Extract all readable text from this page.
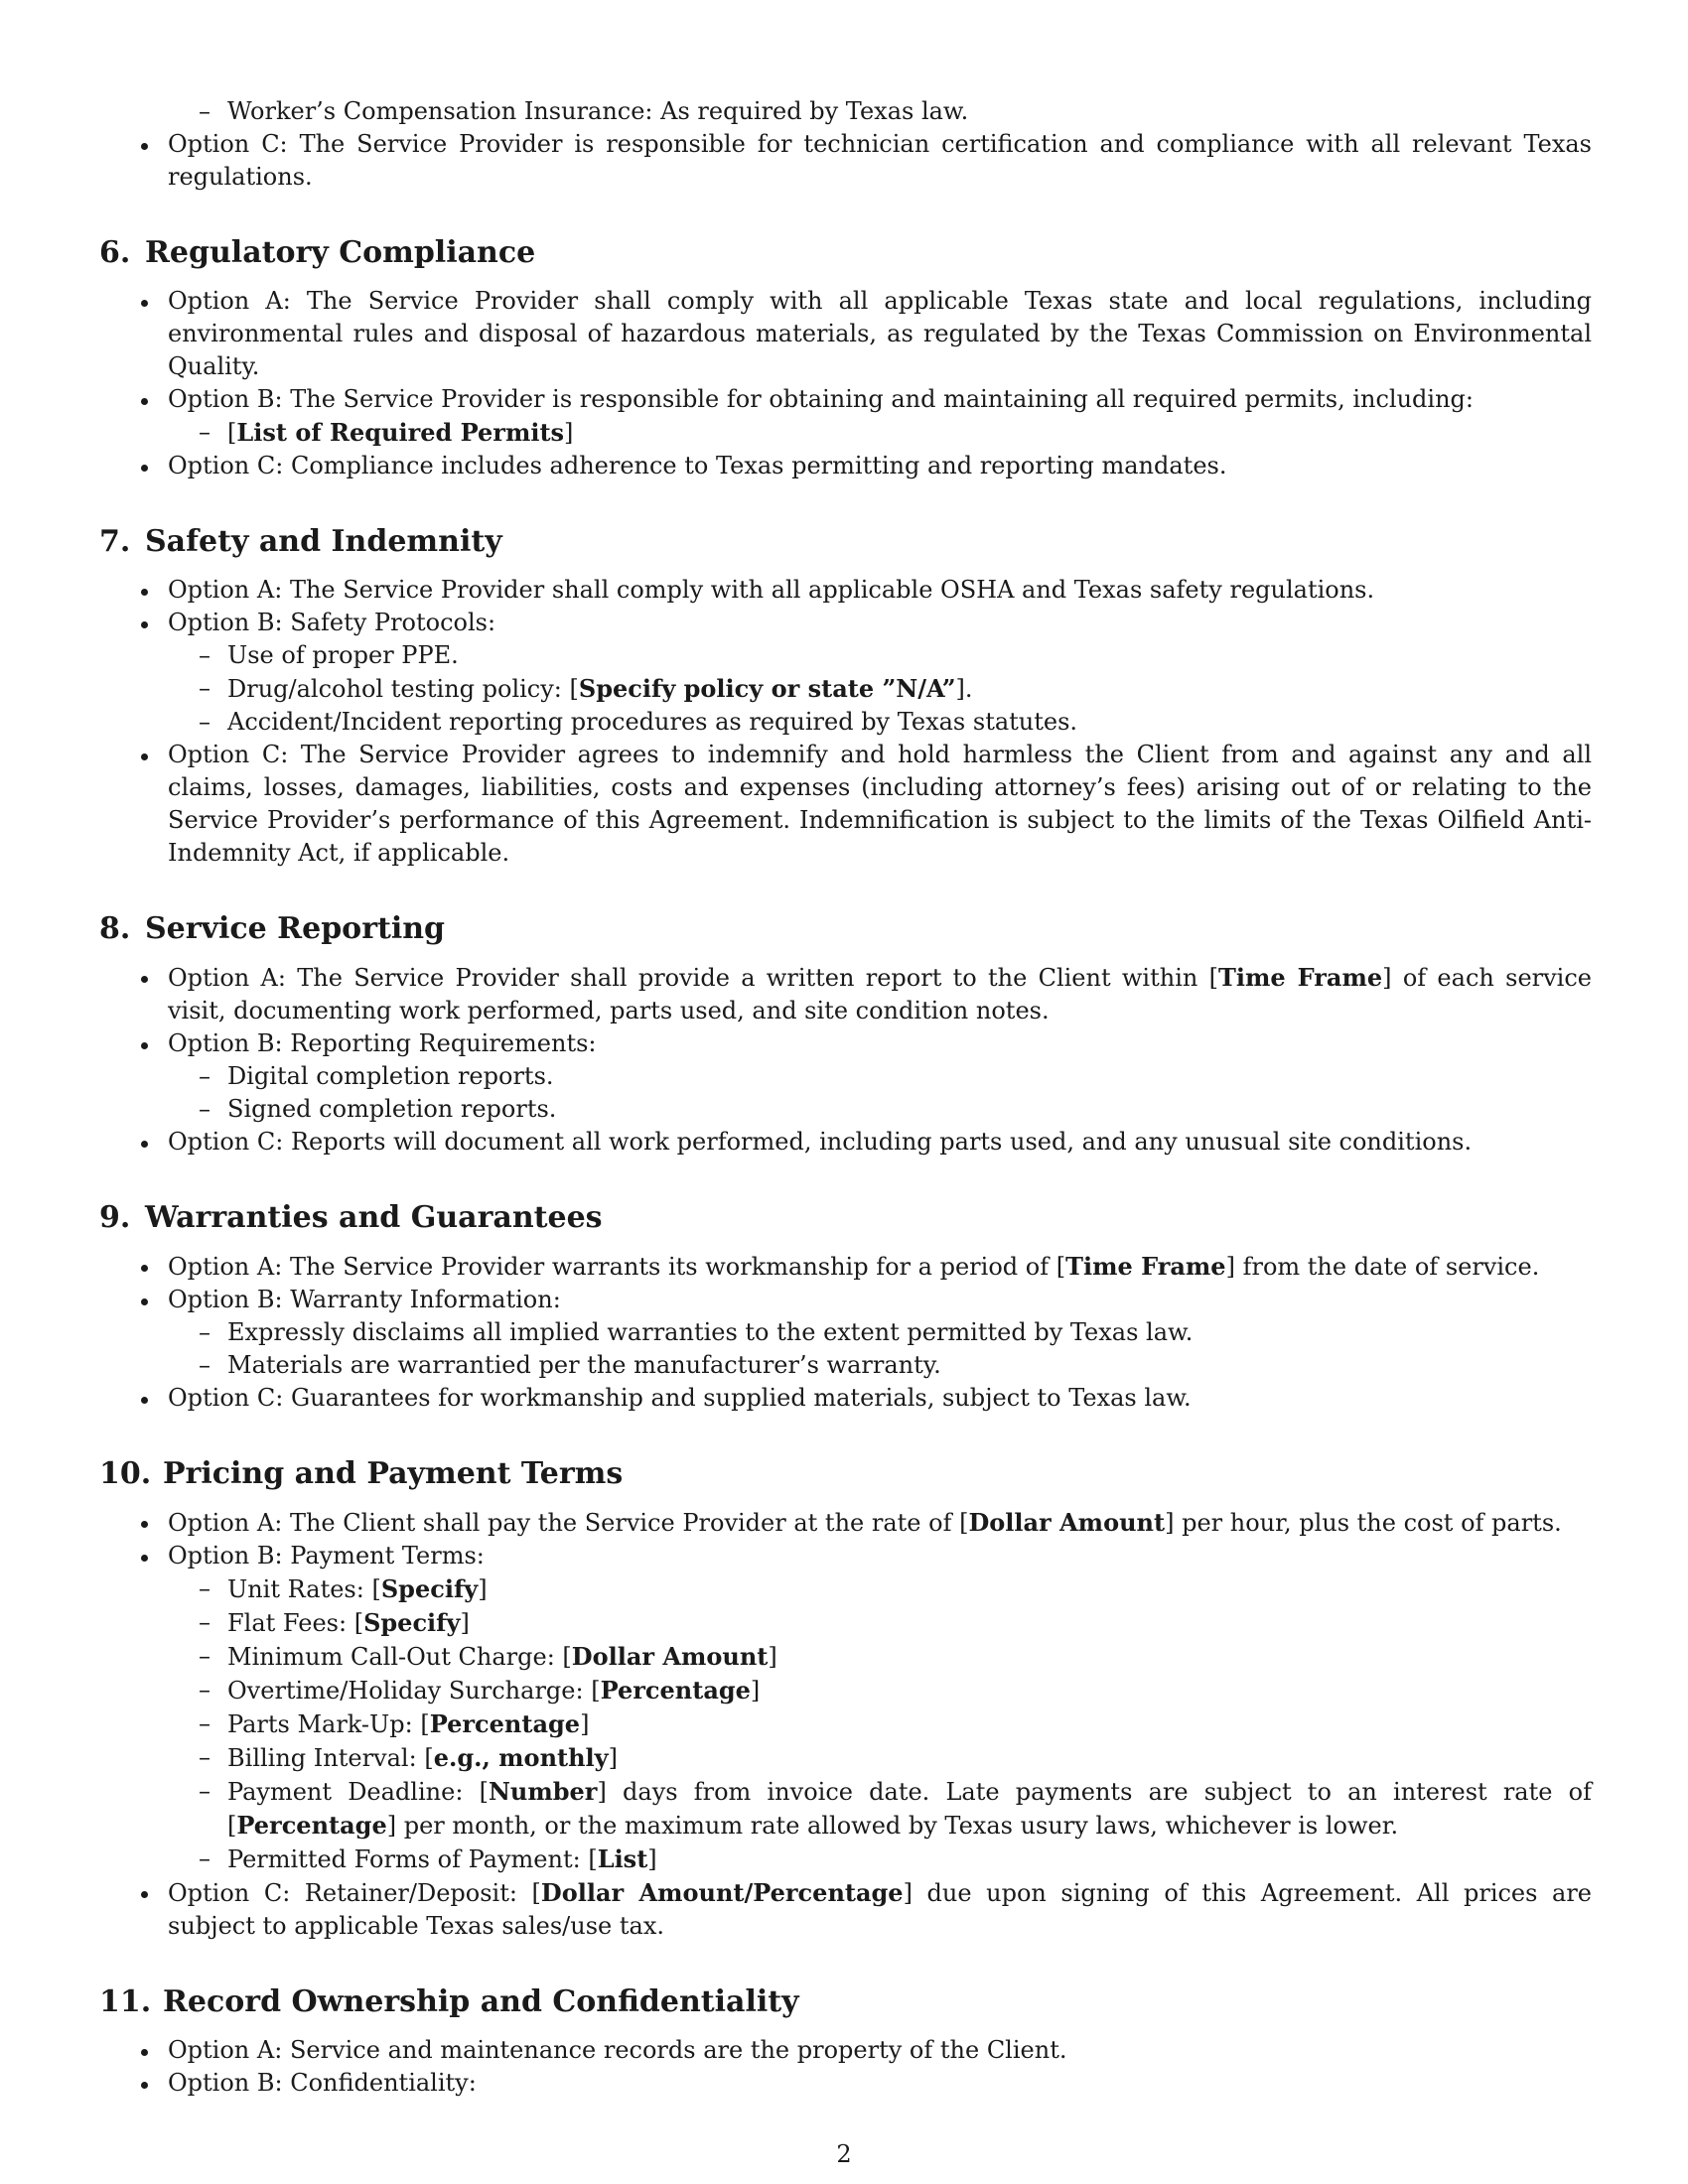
– Worker’s Compensation Insurance: As required by Texas law.
Option C: The Service Provider is responsible for technician certification and compliance with all relevant Texas regulations.
6. Regulatory Compliance
Option A: The Service Provider shall comply with all applicable Texas state and local regulations, including environmental rules and disposal of hazardous materials, as regulated by the Texas Commission on Environmental Quality.
Option B: The Service Provider is responsible for obtaining and maintaining all required permits, including:
– [List of Required Permits]
Option C: Compliance includes adherence to Texas permitting and reporting mandates.
7. Safety and Indemnity
Option A: The Service Provider shall comply with all applicable OSHA and Texas safety regulations.
Option B: Safety Protocols:
– Use of proper PPE.
– Drug/alcohol testing policy: [Specify policy or state ”N/A”].
– Accident/Incident reporting procedures as required by Texas statutes.
Option C: The Service Provider agrees to indemnify and hold harmless the Client from and against any and all claims, losses, damages, liabilities, costs and expenses (including attorney’s fees) arising out of or relating to the Service Provider’s performance of this Agreement. Indemnification is subject to the limits of the Texas Oilfield Anti-Indemnity Act, if applicable.
8. Service Reporting
Option A: The Service Provider shall provide a written report to the Client within [Time Frame] of each service visit, documenting work performed, parts used, and site condition notes.
Option B: Reporting Requirements:
– Digital completion reports.
– Signed completion reports.
Option C: Reports will document all work performed, including parts used, and any unusual site conditions.
9. Warranties and Guarantees
Option A: The Service Provider warrants its workmanship for a period of [Time Frame] from the date of service.
Option B: Warranty Information:
– Expressly disclaims all implied warranties to the extent permitted by Texas law.
– Materials are warrantied per the manufacturer’s warranty.
Option C: Guarantees for workmanship and supplied materials, subject to Texas law.
10. Pricing and Payment Terms
Option A: The Client shall pay the Service Provider at the rate of [Dollar Amount] per hour, plus the cost of parts.
Option B: Payment Terms:
– Unit Rates: [Specify]
– Flat Fees: [Specify]
– Minimum Call-Out Charge: [Dollar Amount]
– Overtime/Holiday Surcharge: [Percentage]
– Parts Mark-Up: [Percentage]
– Billing Interval: [e.g., monthly]
– Payment Deadline: [Number] days from invoice date. Late payments are subject to an interest rate of [Percentage] per month, or the maximum rate allowed by Texas usury laws, whichever is lower.
– Permitted Forms of Payment: [List]
Option C: Retainer/Deposit: [Dollar Amount/Percentage] due upon signing of this Agreement. All prices are subject to applicable Texas sales/use tax.
11. Record Ownership and Confidentiality
Option A: Service and maintenance records are the property of the Client.
Option B: Confidentiality:
2
